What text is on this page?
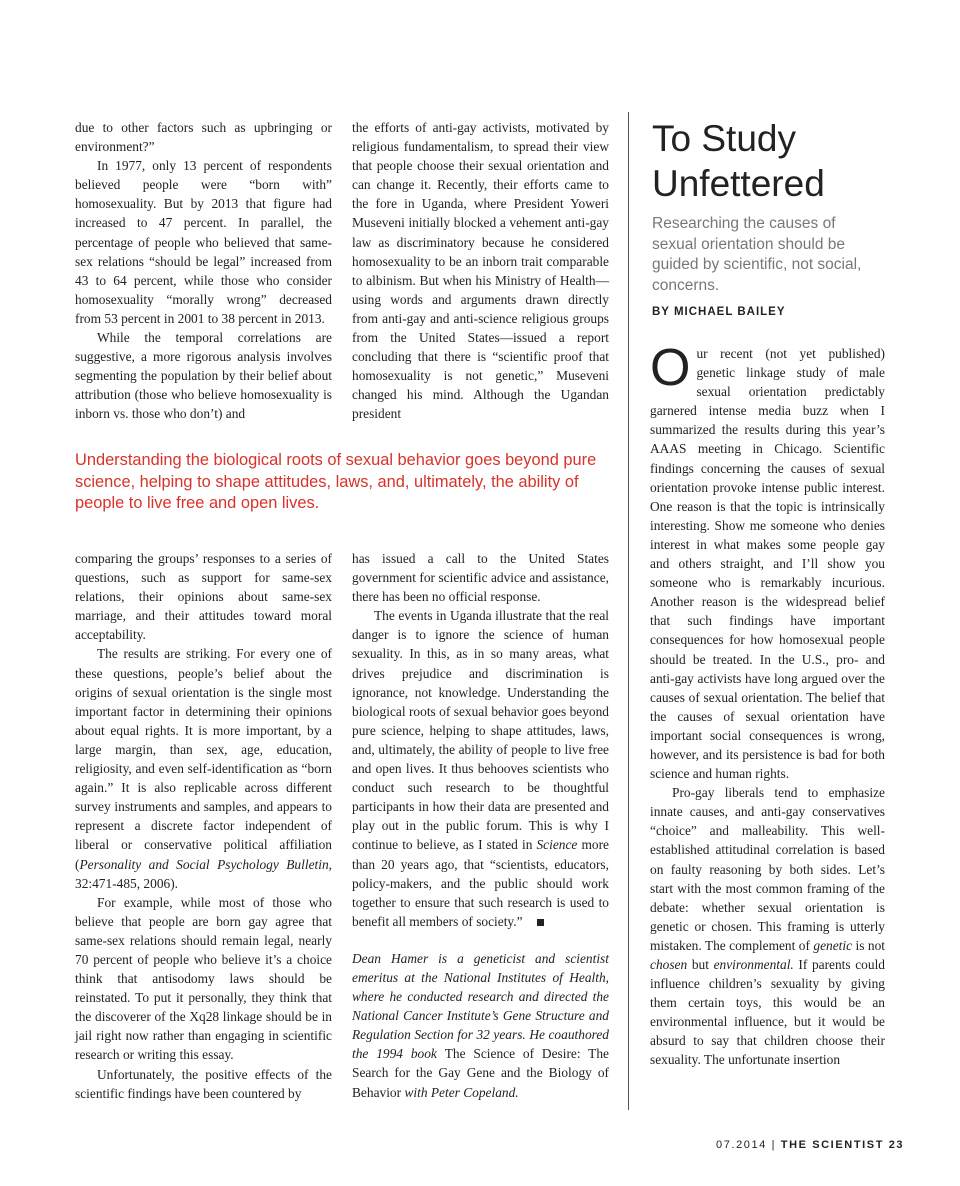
due to other factors such as upbringing or environment?”

In 1977, only 13 percent of respondents believed people were “born with” homosexuality. But by 2013 that figure had increased to 47 percent. In parallel, the percentage of people who believed that same-sex relations “should be legal” increased from 43 to 64 percent, while those who consider homosexuality “morally wrong” decreased from 53 percent in 2001 to 38 percent in 2013.

While the temporal correlations are suggestive, a more rigorous analysis involves segmenting the population by their belief about attribution (those who believe homosexuality is inborn vs. those who don’t) and

the efforts of anti-gay activists, motivated by religious fundamentalism, to spread their view that people choose their sexual orientation and can change it. Recently, their efforts came to the fore in Uganda, where President Yoweri Museveni initially blocked a vehement anti-gay law as discriminatory because he considered homosexuality to be an inborn trait comparable to albinism. But when his Ministry of Health—using words and arguments drawn directly from anti-gay and anti-science religious groups from the United States—issued a report concluding that there is “scientific proof that homosexuality is not genetic,” Museveni changed his mind. Although the Ugandan president

Understanding the biological roots of sexual behavior goes beyond pure science, helping to shape attitudes, laws, and, ultimately, the ability of people to live free and open lives.

comparing the groups’ responses to a series of questions, such as support for same-sex relations, their opinions about same-sex marriage, and their attitudes toward moral acceptability.

The results are striking. For every one of these questions, people’s belief about the origins of sexual orientation is the single most important factor in determining their opinions about equal rights. It is more important, by a large margin, than sex, age, education, religiosity, and even self-identification as “born again.” It is also replicable across different survey instruments and samples, and appears to represent a discrete factor independent of liberal or conservative political affiliation (Personality and Social Psychology Bulletin, 32:471-485, 2006).

For example, while most of those who believe that people are born gay agree that same-sex relations should remain legal, nearly 70 percent of people who believe it’s a choice think that antisodomy laws should be reinstated. To put it personally, they think that the discoverer of the Xq28 linkage should be in jail right now rather than engaging in scientific research or writing this essay.

Unfortunately, the positive effects of the scientific findings have been countered by

has issued a call to the United States government for scientific advice and assistance, there has been no official response.

The events in Uganda illustrate that the real danger is to ignore the science of human sexuality. In this, as in so many areas, what drives prejudice and discrimination is ignorance, not knowledge. Understanding the biological roots of sexual behavior goes beyond pure science, helping to shape attitudes, laws, and, ultimately, the ability of people to live free and open lives. It thus behooves scientists who conduct such research to be thoughtful participants in how their data are presented and play out in the public forum. This is why I continue to believe, as I stated in Science more than 20 years ago, that “scientists, educators, policy-makers, and the public should work together to ensure that such research is used to benefit all members of society.”

Dean Hamer is a geneticist and scientist emeritus at the National Institutes of Health, where he conducted research and directed the National Cancer Institute’s Gene Structure and Regulation Section for 32 years. He coauthored the 1994 book The Science of Desire: The Search for the Gay Gene and the Biology of Behavior with Peter Copeland.

To Study Unfettered
Researching the causes of sexual orientation should be guided by scientific, not social, concerns.
BY MICHAEL BAILEY

Our recent (not yet published) genetic linkage study of male sexual orientation predictably garnered intense media buzz when I summarized the results during this year’s AAAS meeting in Chicago. Scientific findings concerning the causes of sexual orientation provoke intense public interest. One reason is that the topic is intrinsically interesting. Show me someone who denies interest in what makes some people gay and others straight, and I’ll show you someone who is remarkably incurious. Another reason is the widespread belief that such findings have important consequences for how homosexual people should be treated. In the U.S., pro- and anti-gay activists have long argued over the causes of sexual orientation. The belief that the causes of sexual orientation have important social consequences is wrong, however, and its persistence is bad for both science and human rights.

Pro-gay liberals tend to emphasize innate causes, and anti-gay conservatives “choice” and malleability. This well-established attitudinal correlation is based on faulty reasoning by both sides. Let’s start with the most common framing of the debate: whether sexual orientation is genetic or chosen. This framing is utterly mistaken. The complement of genetic is not chosen but environmental. If parents could influence children’s sexuality by giving them certain toys, this would be an environmental influence, but it would be absurd to say that children choose their sexuality. The unfortunate insertion

07.2014 | THE SCIENTIST 23
